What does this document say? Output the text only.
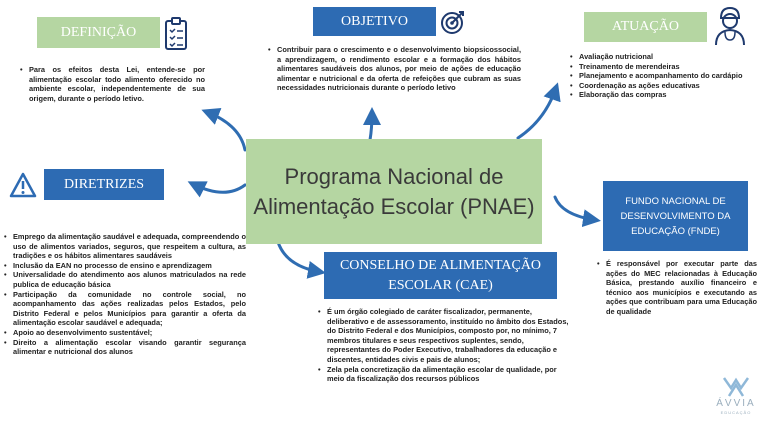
Programa Nacional de
Alimentação Escolar (PNAE)
DEFINIÇÃO
• Para os efeitos desta Lei, entende-se por alimentação escolar todo alimento oferecido no ambiente escolar, independentemente de sua origem, durante o período letivo.
OBJETIVO
• Contribuir para o crescimento e o desenvolvimento biopsicossocial, a aprendizagem, o rendimento escolar e a formação dos hábitos alimentares saudáveis dos alunos, por meio de ações de educação alimentar e nutricional e da oferta de refeições que cubram as suas necessidades nutricionais durante o período letivo
ATUAÇÃO
• Avaliação nutricional
• Treinamento de merendeiras
• Planejamento e acompanhamento do cardápio
• Coordenação as ações educativas
• Elaboração das compras
DIRETRIZES
• Emprego da alimentação saudável e adequada, compreendendo o uso de alimentos variados, seguros, que respeitem a cultura, as tradições e os hábitos alimentares saudáveis
• Inclusão da EAN no processo de ensino e aprendizagem
• Universalidade do atendimento aos alunos matriculados na rede publica de educação básica
• Participação da comunidade no controle social, no acompanhamento das ações realizadas pelos Estados, pelo Distrito Federal e pelos Municípios para garantir a oferta da alimentação escolar saudável e adequada;
• Apoio ao desenvolvimento sustentável;
• Direito a alimentação escolar visando garantir segurança alimentar e nutricional dos alunos
CONSELHO DE ALIMENTAÇÃO
ESCOLAR (CAE)
• É um órgão colegiado de caráter fiscalizador, permanente, deliberativo e de assessoramento, instituído no âmbito dos Estados, do Distrito Federal e dos Municípios, composto por, no mínimo, 7 membros titulares e seus respectivos suplentes, sendo, representantes do Poder Executivo, trabalhadores da educação e discentes, entidades civis e pais de alunos;
• Zela pela concretização da alimentação escolar de qualidade, por meio da fiscalização dos recursos públicos
FUNDO NACIONAL DE
DESENVOLVIMENTO DA
EDUCAÇÃO (FNDE)
• É responsável por executar parte das ações do MEC relacionadas à Educação Básica, prestando auxílio financeiro e técnico aos municípios e executando as ações que contribuam para uma Educação de qualidade
ÁVVIA
EDUCAÇÃO
